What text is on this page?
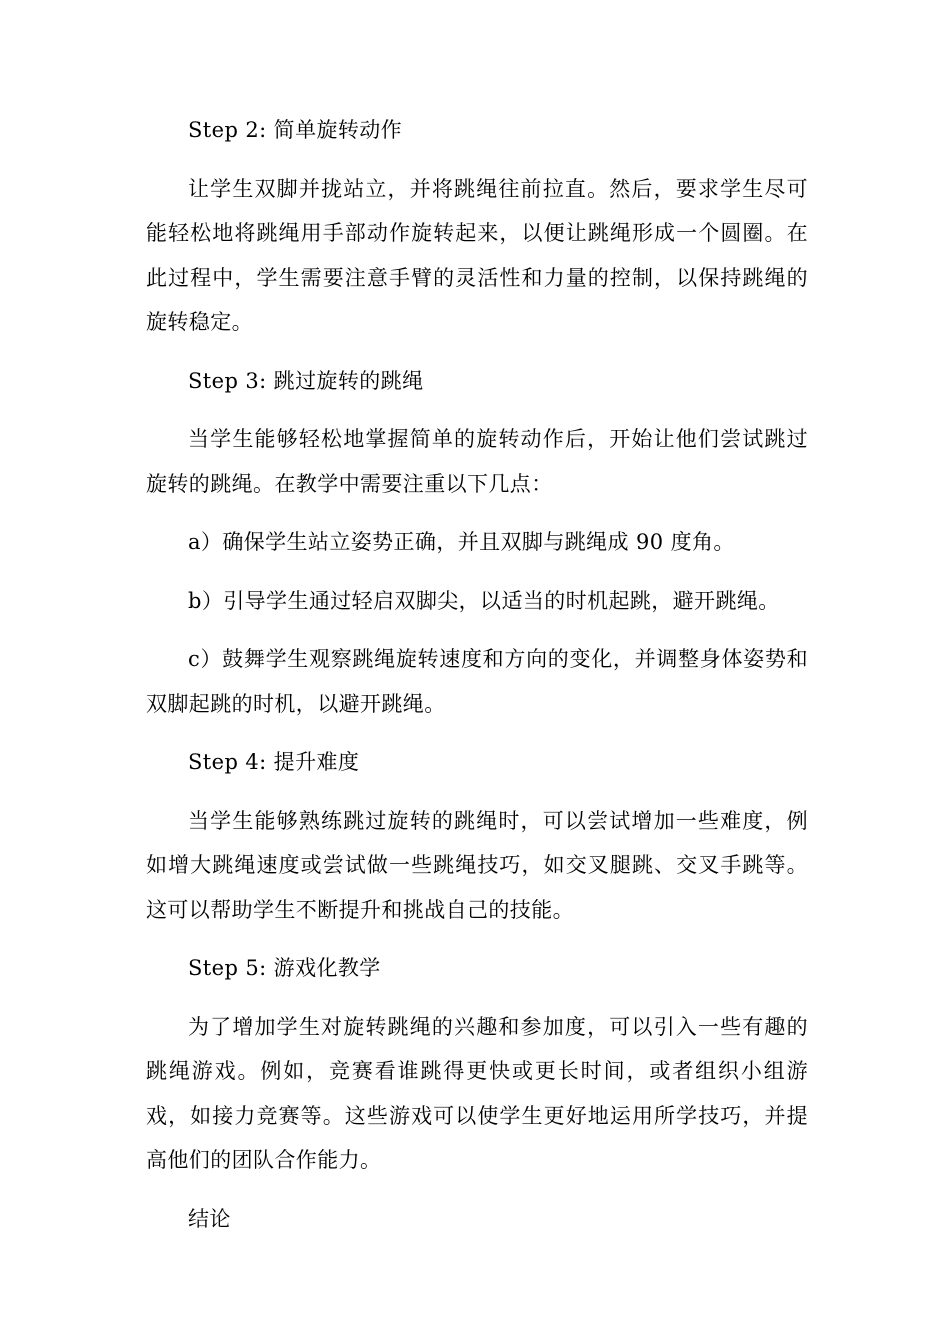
Step 2: 简单旋转动作
让学生双脚并拢站立，并将跳绳往前拉直。然后，要求学生尽可能轻松地将跳绳用手部动作旋转起来，以便让跳绳形成一个圆圈。在此过程中，学生需要注意手臂的灵活性和力量的控制，以保持跳绳的旋转稳定。
Step 3: 跳过旋转的跳绳
当学生能够轻松地掌握简单的旋转动作后，开始让他们尝试跳过旋转的跳绳。在教学中需要注重以下几点：
a）确保学生站立姿势正确，并且双脚与跳绳成 90 度角。
b）引导学生通过轻启双脚尖，以适当的时机起跳，避开跳绳。
c）鼓舞学生观察跳绳旋转速度和方向的变化，并调整身体姿势和双脚起跳的时机，以避开跳绳。
Step 4: 提升难度
当学生能够熟练跳过旋转的跳绳时，可以尝试增加一些难度，例如增大跳绳速度或尝试做一些跳绳技巧，如交叉腿跳、交叉手跳等。这可以帮助学生不断提升和挑战自己的技能。
Step 5: 游戏化教学
为了增加学生对旋转跳绳的兴趣和参加度，可以引入一些有趣的跳绳游戏。例如，竞赛看谁跳得更快或更长时间，或者组织小组游戏，如接力竞赛等。这些游戏可以使学生更好地运用所学技巧，并提高他们的团队合作能力。
结论
